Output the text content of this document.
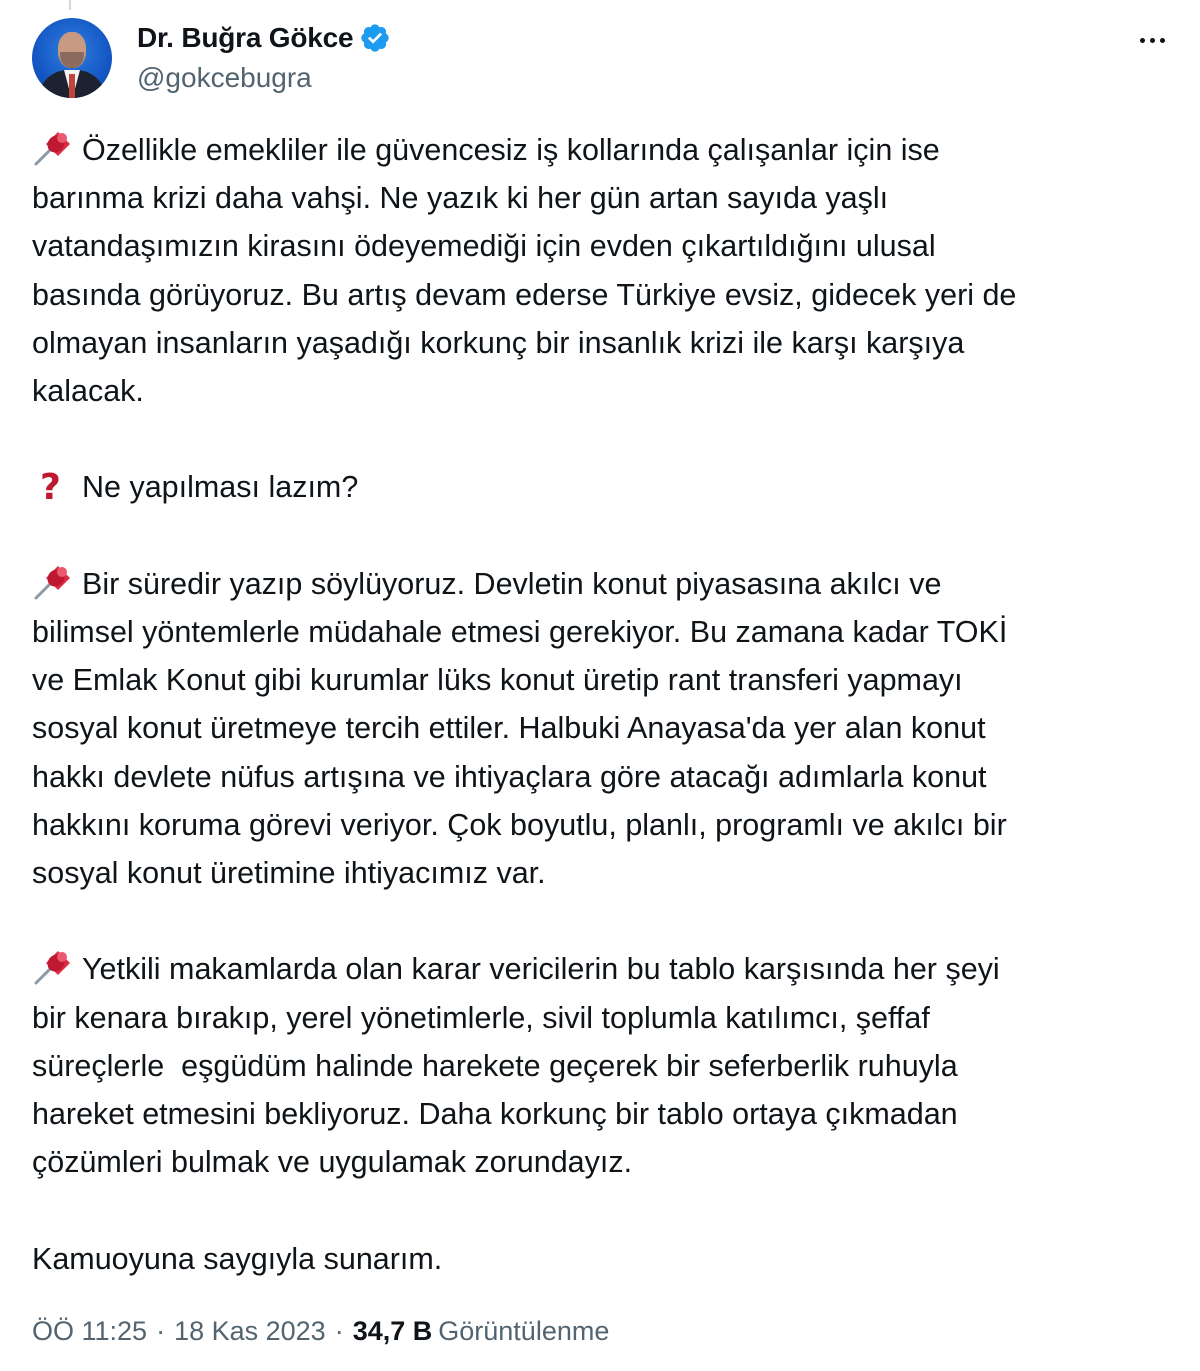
Dr. Buğra Gökce
@gokcebugra

Özellikle emekliler ile güvencesiz iş kollarında çalışanlar için ise
barınma krizi daha vahşi. Ne yazık ki her gün artan sayıda yaşlı
vatandaşımızın kirasını ödeyemediği için evden çıkartıldığını ulusal
basında görüyoruz. Bu artış devam ederse Türkiye evsiz, gidecek yeri de
olmayan insanların yaşadığı korkunç bir insanlık krizi ile karşı karşıya
kalacak.

? Ne yapılması lazım?

Bir süredir yazıp söylüyoruz. Devletin konut piyasasına akılcı ve
bilimsel yöntemlerle müdahale etmesi gerekiyor. Bu zamana kadar TOKİ
ve Emlak Konut gibi kurumlar lüks konut üretip rant transferi yapmayı
sosyal konut üretmeye tercih ettiler. Halbuki Anayasa'da yer alan konut
hakkı devlete nüfus artışına ve ihtiyaçlara göre atacağı adımlarla konut
hakkını koruma görevi veriyor. Çok boyutlu, planlı, programlı ve akılcı bir
sosyal konut üretimine ihtiyacımız var.

Yetkili makamlarda olan karar vericilerin bu tablo karşısında her şeyi
bir kenara bırakıp, yerel yönetimlerle, sivil toplumla katılımcı, şeffaf
süreçlerle  eşgüdüm halinde harekete geçerek bir seferberlik ruhuyla
hareket etmesini bekliyoruz. Daha korkunç bir tablo ortaya çıkmadan
çözümleri bulmak ve uygulamak zorundayız.

Kamuoyuna saygıyla sunarım.

ÖÖ 11:25 · 18 Kas 2023 · 34,7 B Görüntülenme
